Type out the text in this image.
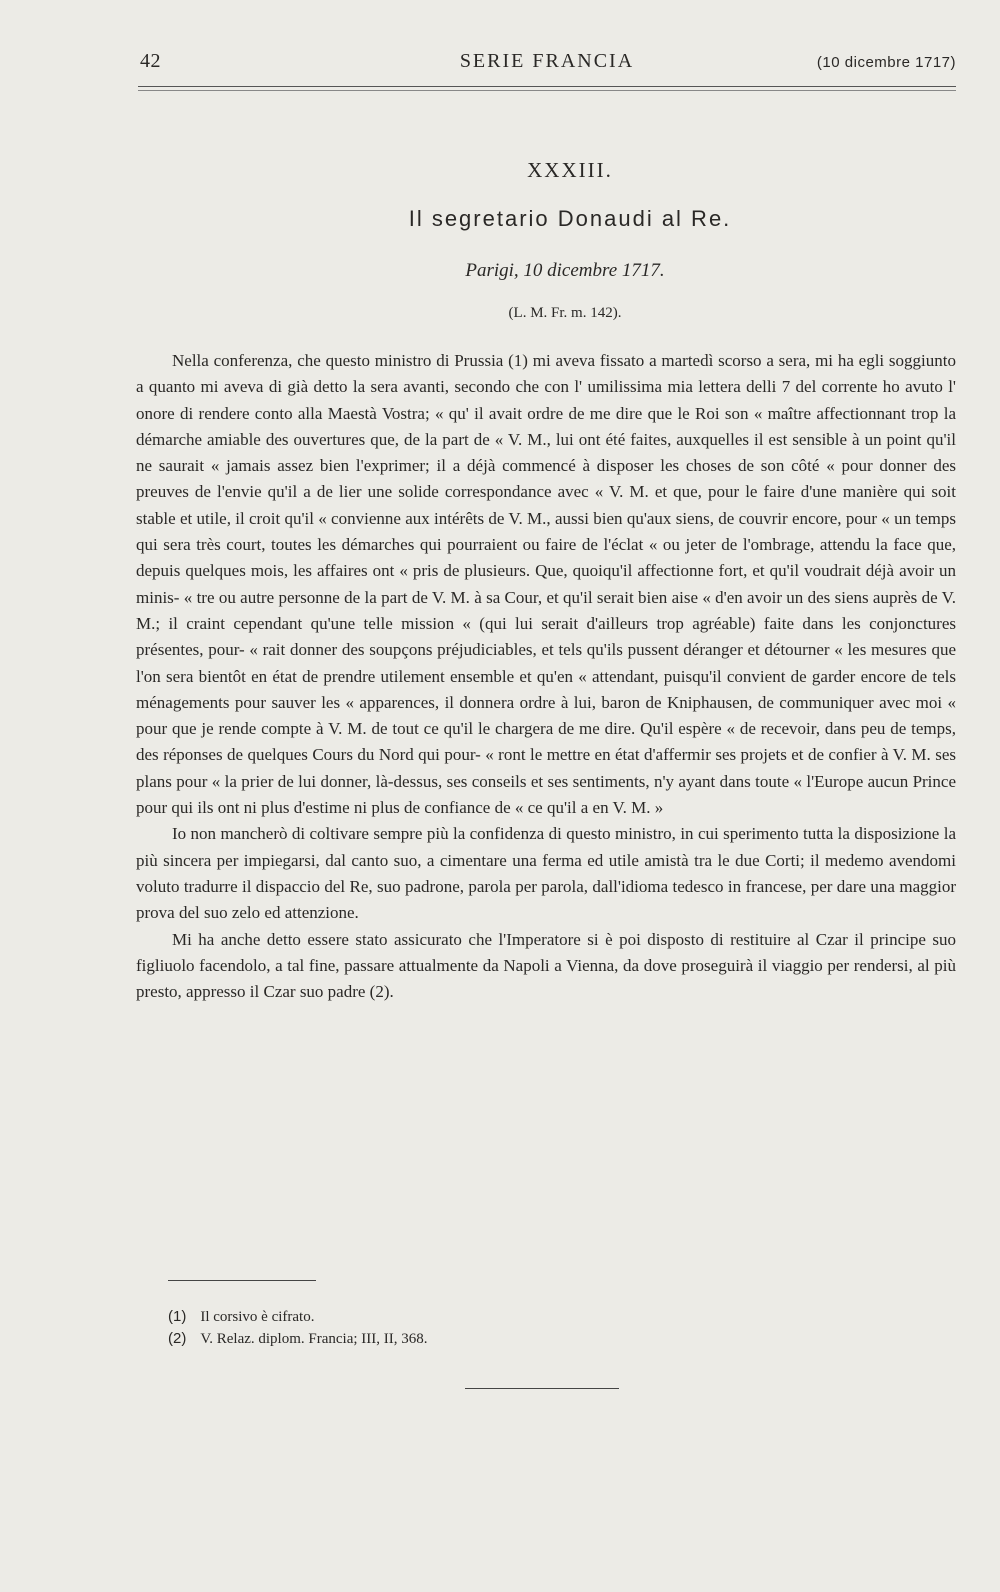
42	SERIE FRANCIA	(10 dicembre 1717)
XXXIII.
Il segretario Donaudi al Re.
Parigi, 10 dicembre 1717.
(L. M. Fr. m. 142).

Nella conferenza, che questo ministro di Prussia (1) mi aveva fissato a martedì scorso a sera, mi ha egli soggiunto a quanto mi aveva di già detto la sera avanti, secondo che con l' umilissima mia lettera delli 7 del corrente ho avuto l' onore di rendere conto alla Maestà Vostra; « qu' il avait ordre de me dire que le Roi son « maître affectionnant trop la démarche amiable des ouvertures que, de la part de « V. M., lui ont été faites, auxquelles il est sensible à un point qu'il ne saurait « jamais assez bien l'exprimer; il a déjà commencé à disposer les choses de son côté « pour donner des preuves de l'envie qu'il a de lier une solide correspondance avec « V. M. et que, pour le faire d'une manière qui soit stable et utile, il croit qu'il « convienne aux intérêts de V. M., aussi bien qu'aux siens, de couvrir encore, pour « un temps qui sera très court, toutes les démarches qui pourraient ou faire de l'éclat « ou jeter de l'ombrage, attendu la face que, depuis quelques mois, les affaires ont « pris de plusieurs. Que, quoiqu'il affectionne fort, et qu'il voudrait déjà avoir un minis- « tre ou autre personne de la part de V. M. à sa Cour, et qu'il serait bien aise « d'en avoir un des siens auprès de V. M.; il craint cependant qu'une telle mission « (qui lui serait d'ailleurs trop agréable) faite dans les conjonctures présentes, pour- « rait donner des soupçons préjudiciables, et tels qu'ils pussent déranger et détourner « les mesures que l'on sera bientôt en état de prendre utilement ensemble et qu'en « attendant, puisqu'il convient de garder encore de tels ménagements pour sauver les « apparences, il donnera ordre à lui, baron de Kniphausen, de communiquer avec moi « pour que je rende compte à V. M. de tout ce qu'il le chargera de me dire. Qu'il espère « de recevoir, dans peu de temps, des réponses de quelques Cours du Nord qui pour- « ront le mettre en état d'affermir ses projets et de confier à V. M. ses plans pour « la prier de lui donner, là-dessus, ses conseils et ses sentiments, n'y ayant dans toute « l'Europe aucun Prince pour qui ils ont ni plus d'estime ni plus de confiance de « ce qu'il a en V. M. »

Io non mancherò di coltivare sempre più la confidenza di questo ministro, in cui sperimento tutta la disposizione la più sincera per impiegarsi, dal canto suo, a cimentare una ferma ed utile amistà tra le due Corti; il medemo avendomi voluto tradurre il dispaccio del Re, suo padrone, parola per parola, dall'idioma tedesco in francese, per dare una maggior prova del suo zelo ed attenzione.

Mi ha anche detto essere stato assicurato che l'Imperatore si è poi disposto di restituire al Czar il principe suo figliuolo facendolo, a tal fine, passare attualmente da Napoli a Vienna, da dove proseguirà il viaggio per rendersi, al più presto, appresso il Czar suo padre (2).

(1) Il corsivo è cifrato.
(2) V. Relaz. diplom. Francia; III, II, 368.
